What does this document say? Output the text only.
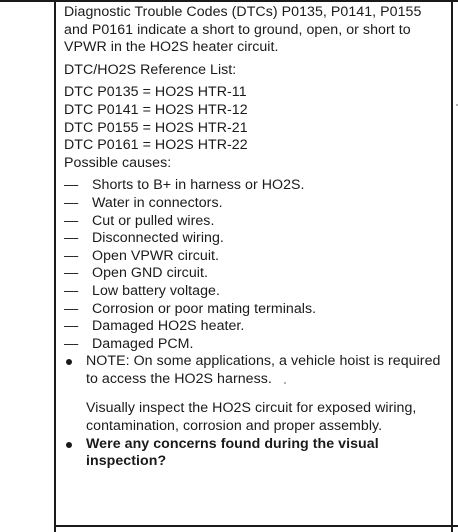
Diagnostic Trouble Codes (DTCs) P0135, P0141, P0155 and P0161 indicate a short to ground, open, or short to VPWR in the HO2S heater circuit.

DTC/HO2S Reference List:

DTC P0135 = HO2S HTR-11

DTC P0141 = HO2S HTR-12

DTC P0155 = HO2S HTR-21

DTC P0161 = HO2S HTR-22

Possible causes:

— Shorts to B+ in harness or HO2S.
— Water in connectors.
— Cut or pulled wires.
— Disconnected wiring.
— Open VPWR circuit.
— Open GND circuit.
— Low battery voltage.
— Corrosion or poor mating terminals.
— Damaged HO2S heater.
— Damaged PCM.
NOTE: On some applications, a vehicle hoist is required to access the HO2S harness.

Visually inspect the HO2S circuit for exposed wiring, contamination, corrosion and proper assembly.

Were any concerns found during the visual inspection?
